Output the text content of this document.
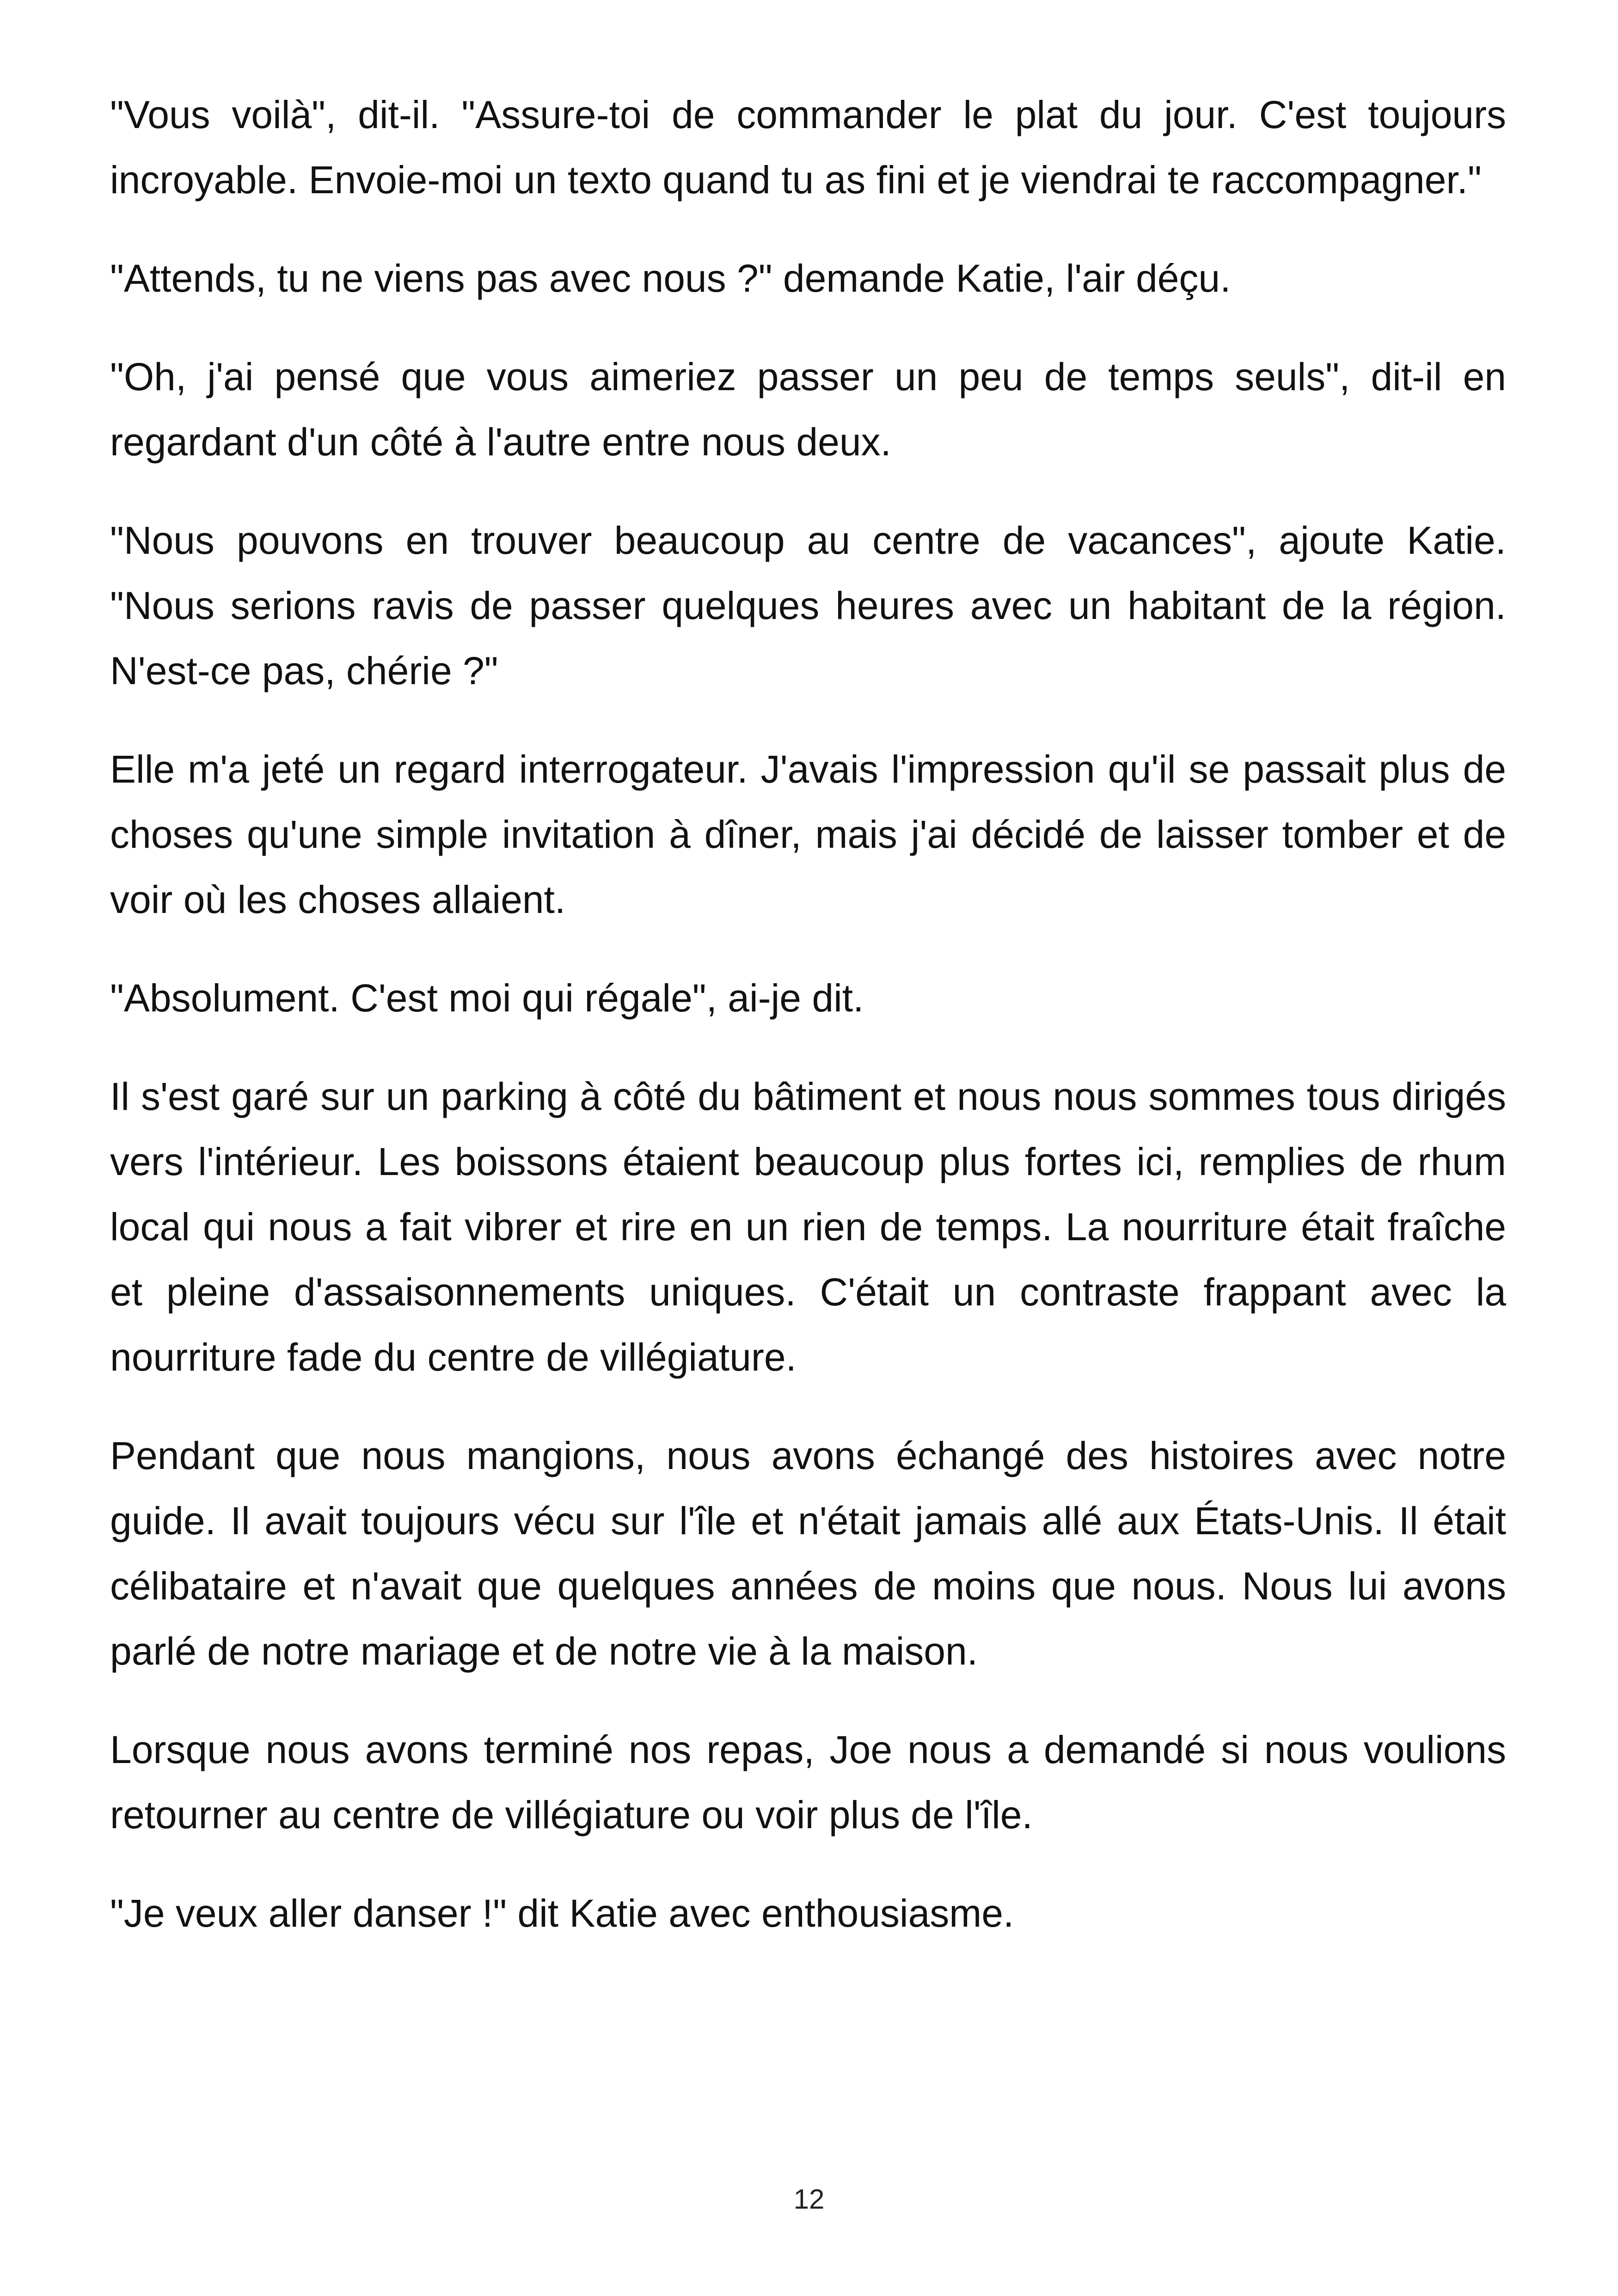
"Vous voilà", dit-il. "Assure-toi de commander le plat du jour. C'est toujours incroyable. Envoie-moi un texto quand tu as fini et je viendrai te raccompagner."

"Attends, tu ne viens pas avec nous ?" demande Katie, l'air déçu.

"Oh, j'ai pensé que vous aimeriez passer un peu de temps seuls", dit-il en regardant d'un côté à l'autre entre nous deux.

"Nous pouvons en trouver beaucoup au centre de vacances", ajoute Katie. "Nous serions ravis de passer quelques heures avec un habitant de la région. N'est-ce pas, chérie ?"

Elle m'a jeté un regard interrogateur. J'avais l'impression qu'il se passait plus de choses qu'une simple invitation à dîner, mais j'ai décidé de laisser tomber et de voir où les choses allaient.

"Absolument. C'est moi qui régale", ai-je dit.

Il s'est garé sur un parking à côté du bâtiment et nous nous sommes tous dirigés vers l'intérieur. Les boissons étaient beaucoup plus fortes ici, remplies de rhum local qui nous a fait vibrer et rire en un rien de temps. La nourriture était fraîche et pleine d'assaisonnements uniques. C'était un contraste frappant avec la nourriture fade du centre de villégiature.

Pendant que nous mangions, nous avons échangé des histoires avec notre guide. Il avait toujours vécu sur l'île et n'était jamais allé aux États-Unis. Il était célibataire et n'avait que quelques années de moins que nous. Nous lui avons parlé de notre mariage et de notre vie à la maison.

Lorsque nous avons terminé nos repas, Joe nous a demandé si nous voulions retourner au centre de villégiature ou voir plus de l'île.

"Je veux aller danser !" dit Katie avec enthousiasme.

12
